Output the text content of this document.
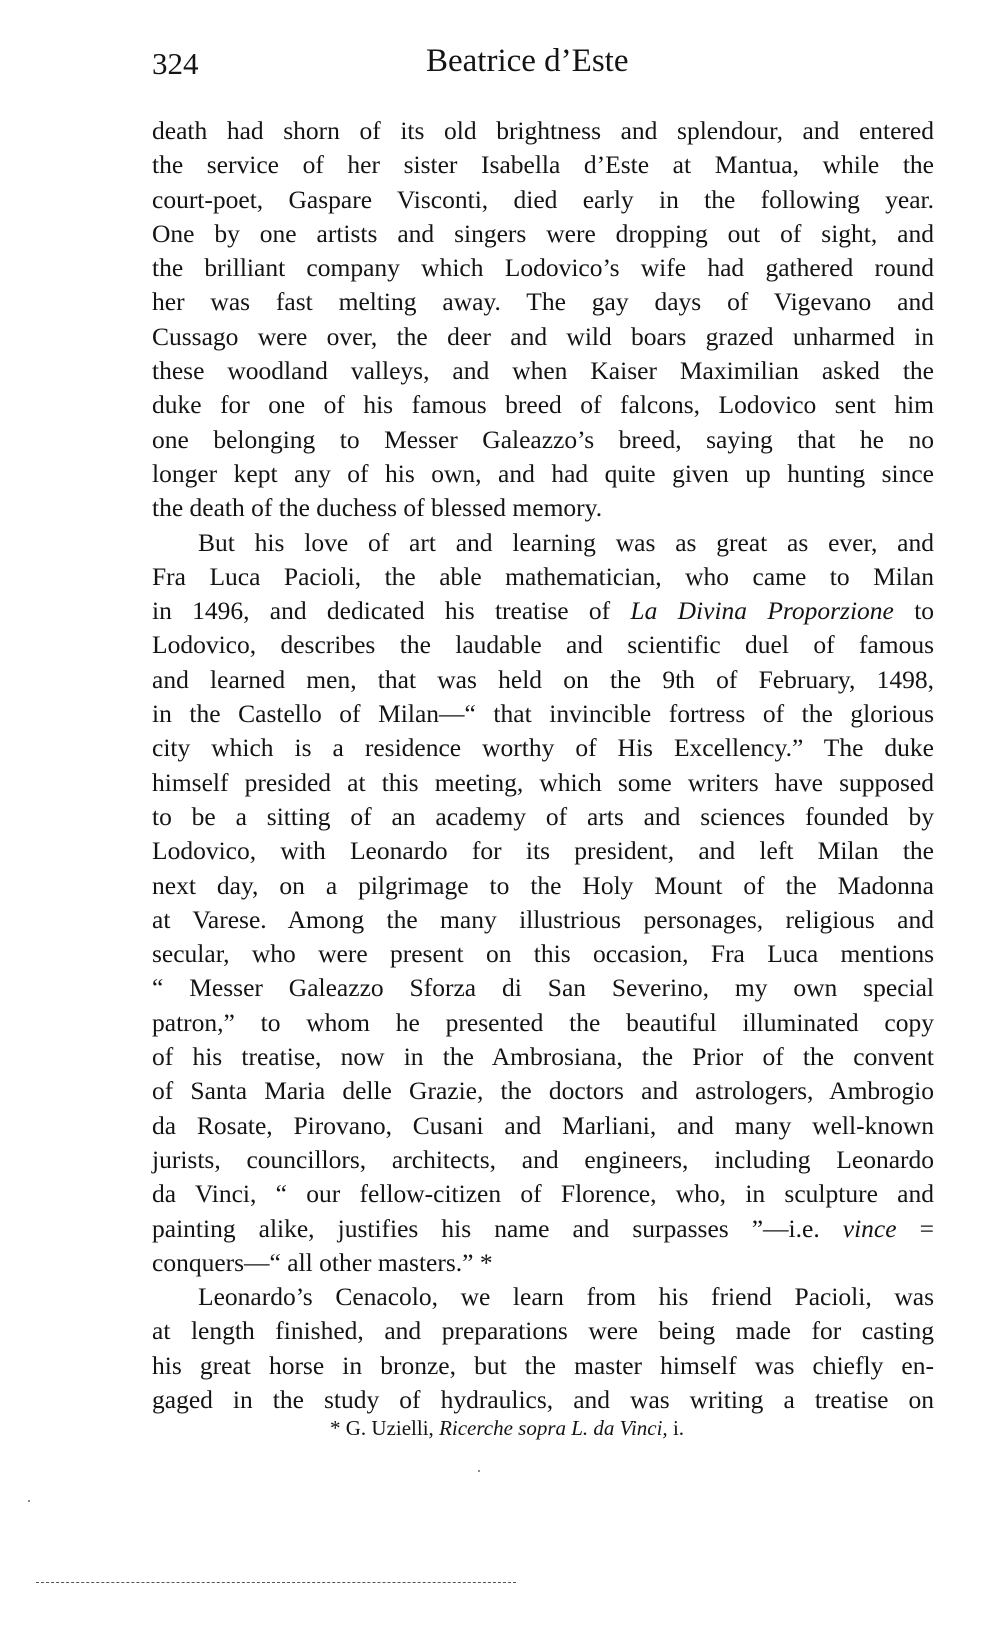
324	Beatrice d’Este
death had shorn of its old brightness and splendour, and entered
the service of her sister Isabella d’Este at Mantua, while the
court-poet, Gaspare Visconti, died early in the following year.
One by one artists and singers were dropping out of sight, and
the brilliant company which Lodovico’s wife had gathered round
her was fast melting away. The gay days of Vigevano and
Cussago were over, the deer and wild boars grazed unharmed in
these woodland valleys, and when Kaiser Maximilian asked the
duke for one of his famous breed of falcons, Lodovico sent him
one belonging to Messer Galeazzo’s breed, saying that he no
longer kept any of his own, and had quite given up hunting since
the death of the duchess of blessed memory.
But his love of art and learning was as great as ever, and
Fra Luca Pacioli, the able mathematician, who came to Milan
in 1496, and dedicated his treatise of La Divina Proporzione to
Lodovico, describes the laudable and scientific duel of famous
and learned men, that was held on the 9th of February, 1498,
in the Castello of Milan—“ that invincible fortress of the glorious
city which is a residence worthy of His Excellency.” The duke
himself presided at this meeting, which some writers have supposed
to be a sitting of an academy of arts and sciences founded by
Lodovico, with Leonardo for its president, and left Milan the
next day, on a pilgrimage to the Holy Mount of the Madonna
at Varese. Among the many illustrious personages, religious and
secular, who were present on this occasion, Fra Luca mentions
“ Messer Galeazzo Sforza di San Severino, my own special
patron,” to whom he presented the beautiful illuminated copy
of his treatise, now in the Ambrosiana, the Prior of the convent
of Santa Maria delle Grazie, the doctors and astrologers, Ambrogio
da Rosate, Pirovano, Cusani and Marliani, and many well-known
jurists, councillors, architects, and engineers, including Leonardo
da Vinci, “ our fellow-citizen of Florence, who, in sculpture and
painting alike, justifies his name and surpasses ”—i.e. vince =
conquers—“ all other masters.” *
Leonardo’s Cenacolo, we learn from his friend Pacioli, was
at length finished, and preparations were being made for casting
his great horse in bronze, but the master himself was chiefly en-
gaged in the study of hydraulics, and was writing a treatise on
* G. Uzielli, Ricerche sopra L. da Vinci, i.
